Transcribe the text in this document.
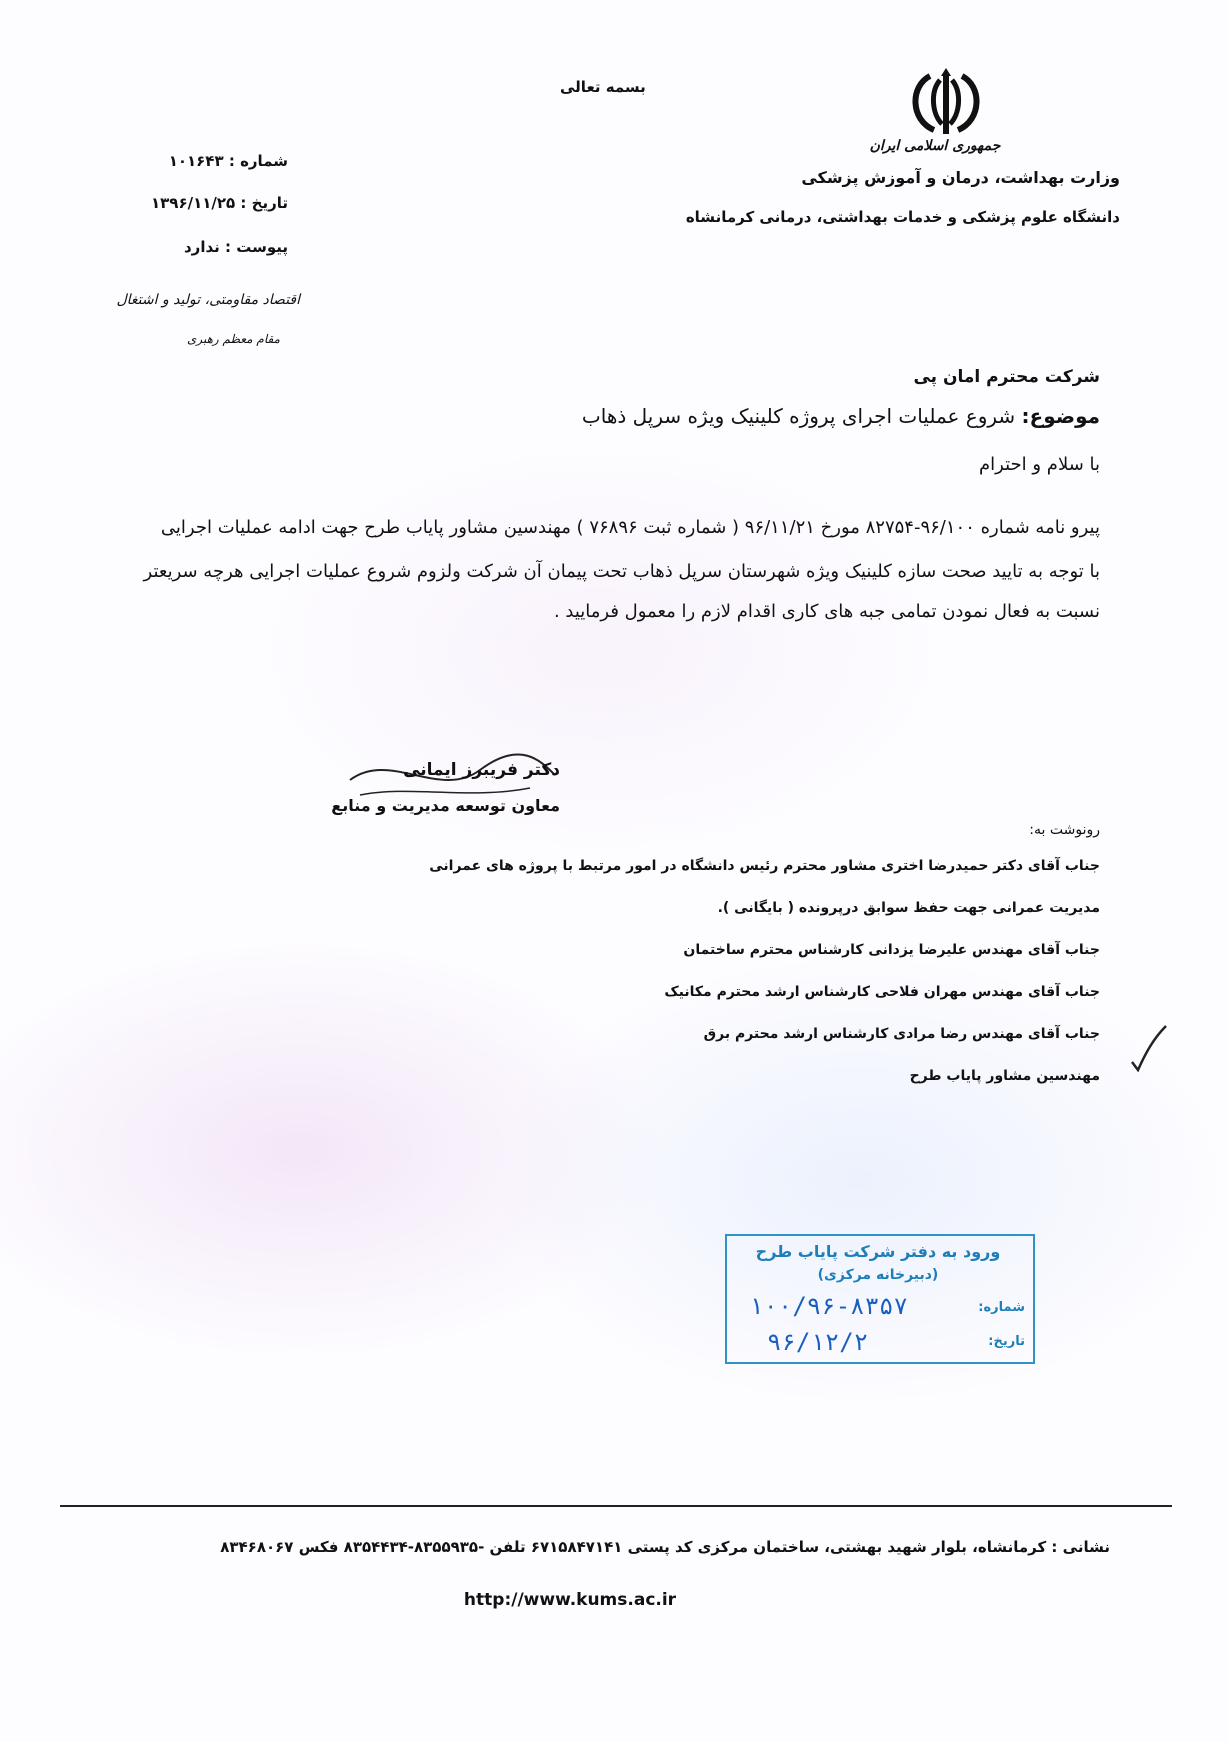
بسمه تعالی
جمهوری اسلامی ایران
وزارت بهداشت، درمان و آموزش پزشکی
دانشگاه علوم پزشکی و خدمات بهداشتی، درمانی کرمانشاه
شماره : ۱۰۱۶۴۳
تاریخ : ۱۳۹۶/۱۱/۲۵
پیوست : ندارد
اقتصاد مقاومتی، تولید و اشتغال
مقام معظم رهبری
شرکت محترم امان پی
موضوع: شروع عملیات اجرای پروژه کلینیک ویژه سرپل ذهاب
با سلام و احترام
پیرو نامه شماره ۹۶/۱۰۰-۸۲۷۵۴ مورخ ۹۶/۱۱/۲۱ ( شماره ثبت ۷۶۸۹۶ ) مهندسین مشاور پایاب طرح جهت ادامه عملیات اجرایی
با توجه به تایید صحت سازه کلینیک ویژه شهرستان سرپل ذهاب تحت پیمان آن شرکت ولزوم شروع عملیات اجرایی هرچه سریعتر
نسبت به فعال نمودن تمامی جبه های کاری اقدام لازم را معمول فرمایید .
دکتر فریبرز ایمانی
معاون توسعه مدیریت و منابع
رونوشت به:
جناب آقای دکتر حمیدرضا اختری مشاور محترم رئیس دانشگاه در امور مرتبط با پروژه های عمرانی
مدیریت عمرانی جهت حفظ سوابق درپرونده ( بایگانی ).
جناب آقای مهندس علیرضا یزدانی کارشناس محترم ساختمان
جناب آقای مهندس مهران فلاحی کارشناس ارشد محترم مکانیک
جناب آقای مهندس رضا مرادی کارشناس ارشد محترم برق
مهندسین مشاور پایاب طرح
ورود به دفتر شرکت پایاب طرح
(دبیرخانه مرکزی)
شماره:
۱۰۰/۹۶-۸۳۵۷
تاریخ:
۹۶/۱۲/۲
نشانی : کرمانشاه، بلوار شهید بهشتی، ساختمان مرکزی کد پستی ۶۷۱۵۸۴۷۱۴۱ تلفن -۸۳۵۵۹۳۵-۸۳۵۴۴۳۴ فکس ۸۳۴۶۸۰۶۷
http://www.kums.ac.ir
